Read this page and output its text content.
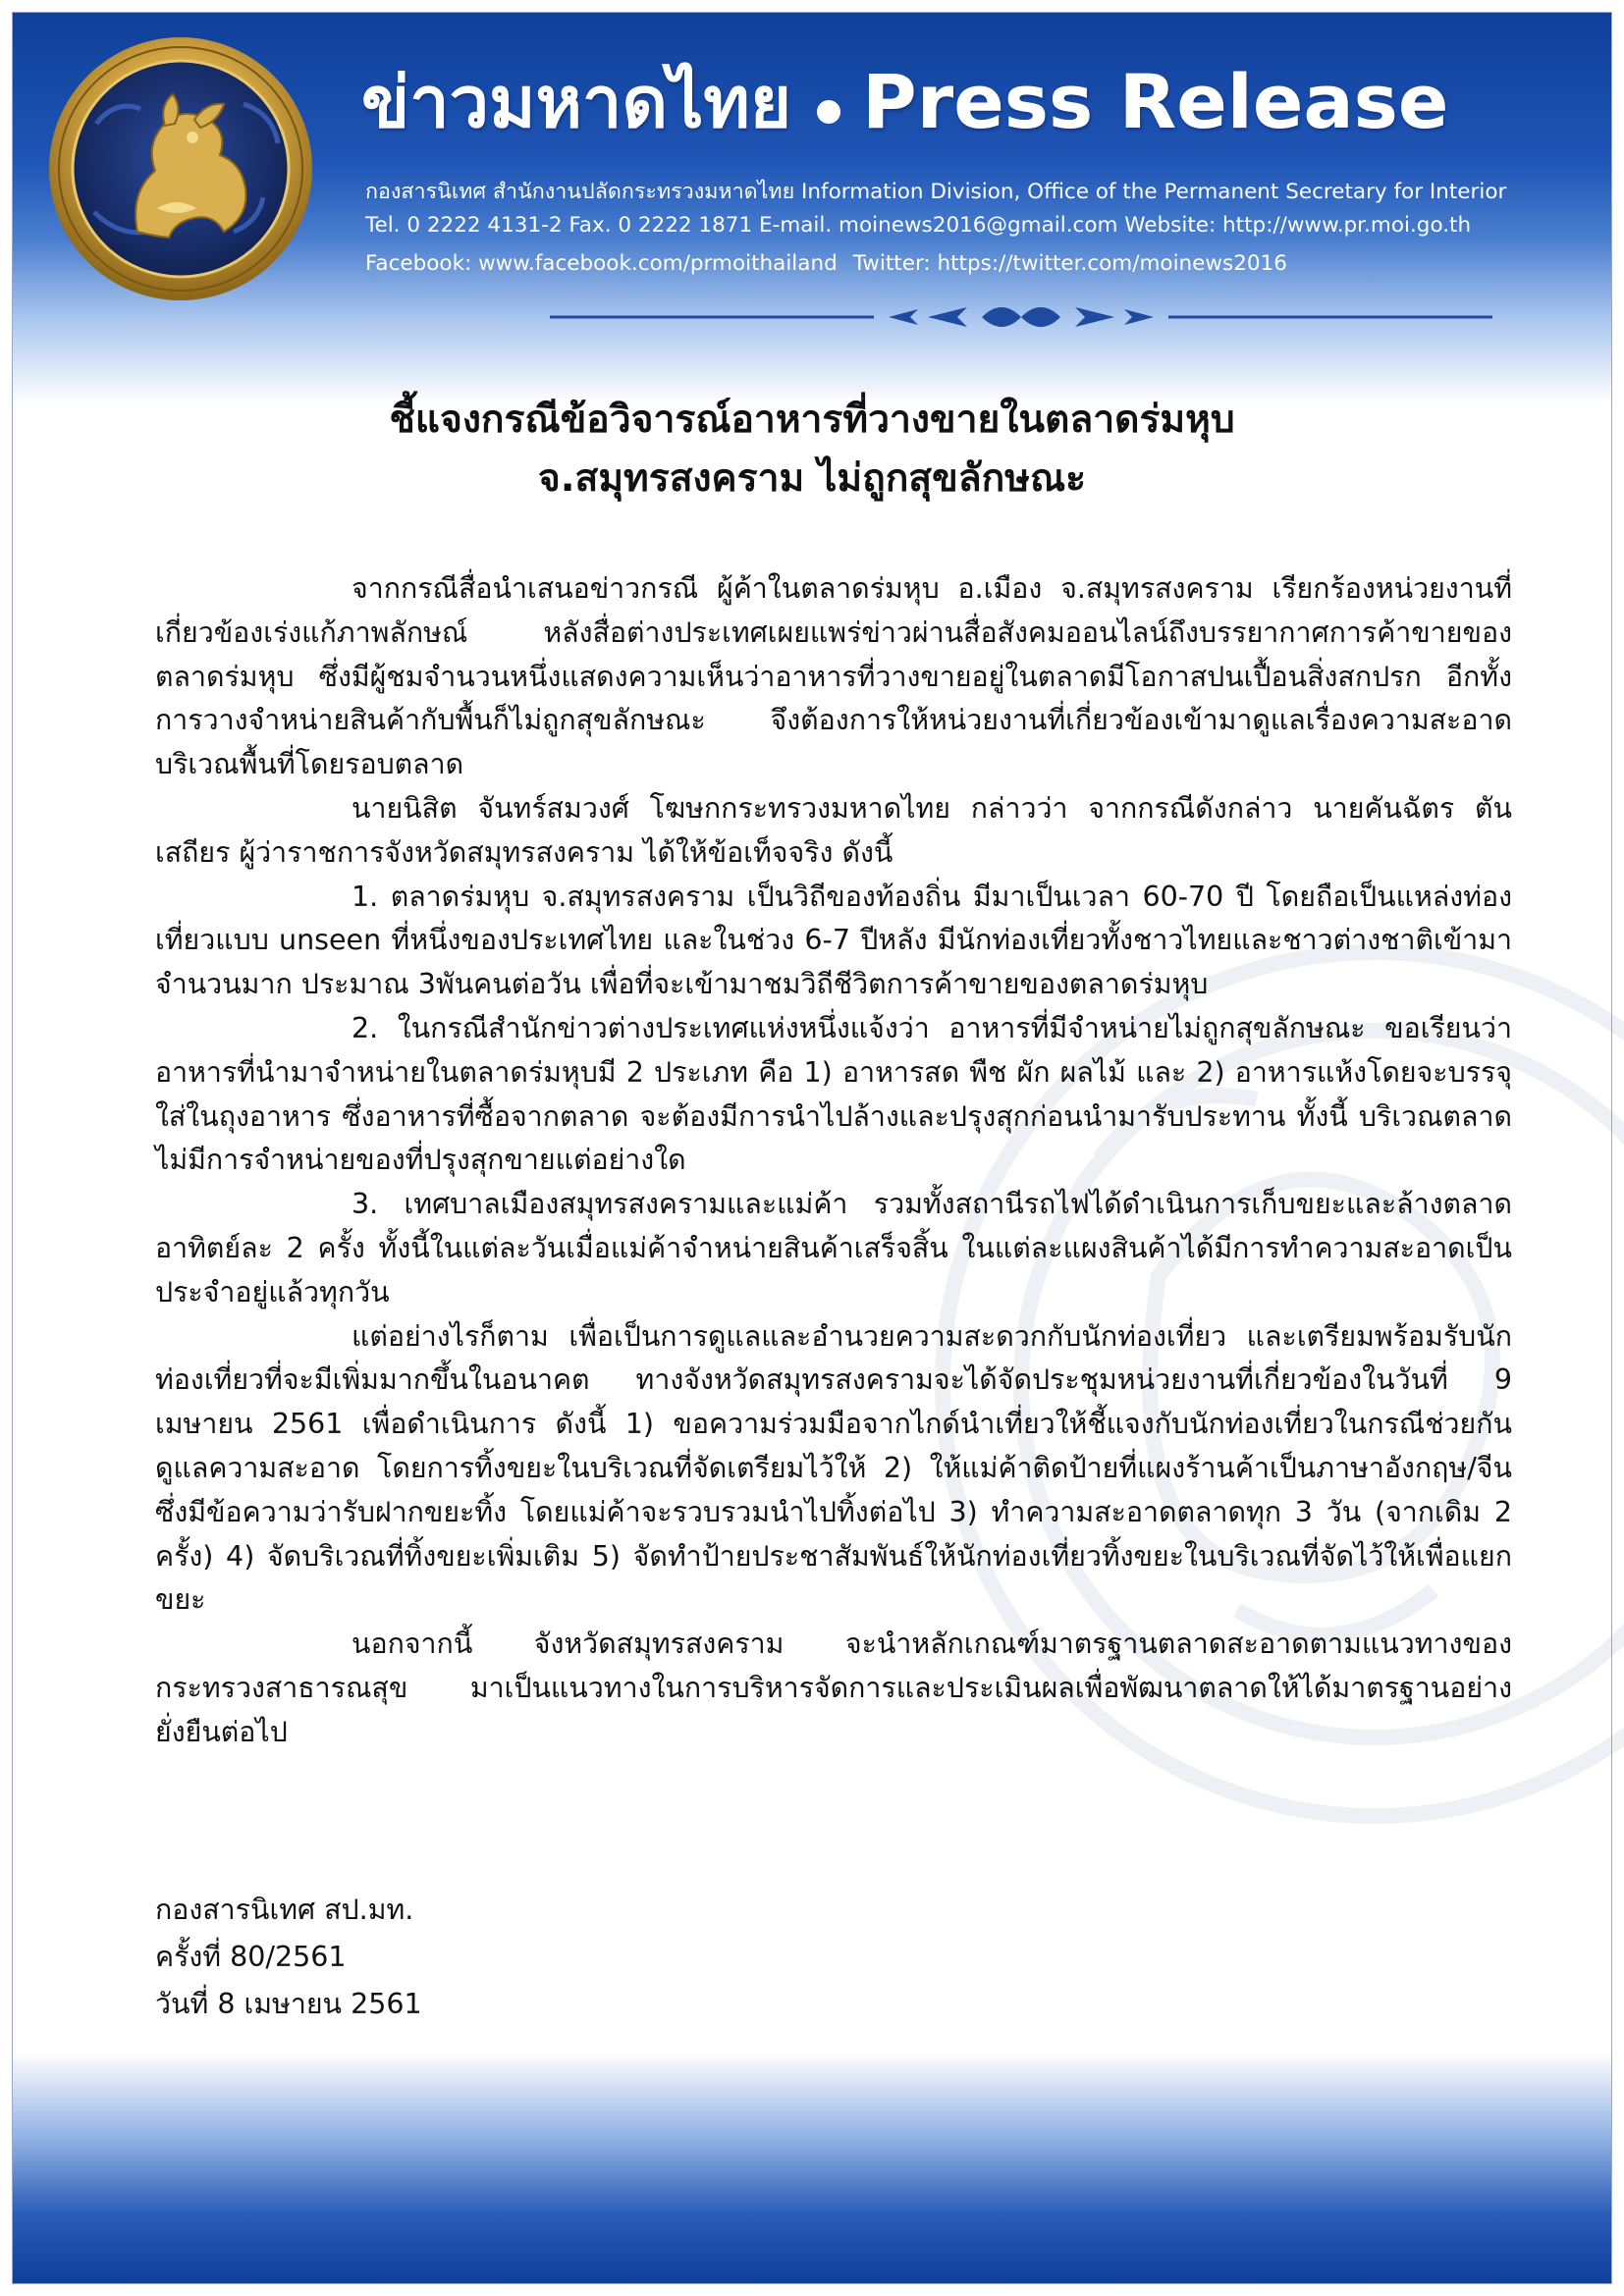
ข่าวมหาดไทย Press Release
กองสารนิเทศ สำนักงานปลัดกระทรวงมหาดไทย Information Division, Office of the Permanent Secretary for Interior
Tel. 0 2222 4131-2 Fax. 0 2222 1871 E-mail. moinews2016@gmail.com Website: http://www.pr.moi.go.th
Facebook: www.facebook.com/prmoithailand Twitter: https://twitter.com/moinews2016
ชี้แจงกรณีข้อวิจารณ์อาหารที่วางขายในตลาดร่มหุบ
จ.สมุทรสงคราม ไม่ถูกสุขลักษณะ

จากกรณีสื่อนำเสนอข่าวกรณี ผู้ค้าในตลาดร่มหุบ อ.เมือง จ.สมุทรสงคราม เรียกร้องหน่วยงานที่เกี่ยวข้องเร่งแก้ภาพลักษณ์ หลังสื่อต่างประเทศเผยแพร่ข่าวผ่านสื่อสังคมออนไลน์ถึงบรรยากาศการค้าขายของตลาดร่มหุบ ซึ่งมีผู้ชมจำนวนหนึ่งแสดงความเห็นว่าอาหารที่วางขายอยู่ในตลาดมีโอกาสปนเปื้อนสิ่งสกปรก อีกทั้งการวางจำหน่ายสินค้ากับพื้นก็ไม่ถูกสุขลักษณะ จึงต้องการให้หน่วยงานที่เกี่ยวข้องเข้ามาดูแลเรื่องความสะอาดบริเวณพื้นที่โดยรอบตลาด

นายนิสิต จันทร์สมวงศ์ โฆษกกระทรวงมหาดไทย กล่าวว่า จากกรณีดังกล่าว นายคันฉัตร ตันเสถียร ผู้ว่าราชการจังหวัดสมุทรสงคราม ได้ให้ข้อเท็จจริง ดังนี้

1. ตลาดร่มหุบ จ.สมุทรสงคราม เป็นวิถีของท้องถิ่น มีมาเป็นเวลา 60-70 ปี โดยถือเป็นแหล่งท่องเที่ยวแบบ unseen ที่หนึ่งของประเทศไทย และในช่วง 6-7 ปีหลัง มีนักท่องเที่ยวทั้งชาวไทยและชาวต่างชาติเข้ามาจำนวนมาก ประมาณ 3พันคนต่อวัน เพื่อที่จะเข้ามาชมวิถีชีวิตการค้าขายของตลาดร่มหุบ

2. ในกรณีสำนักข่าวต่างประเทศแห่งหนึ่งแจ้งว่า อาหารที่มีจำหน่ายไม่ถูกสุขลักษณะ ขอเรียนว่าอาหารที่นำมาจำหน่ายในตลาดร่มหุบมี 2 ประเภท คือ 1) อาหารสด พืช ผัก ผลไม้ และ 2) อาหารแห้งโดยจะบรรจุใส่ในถุงอาหาร ซึ่งอาหารที่ซื้อจากตลาด จะต้องมีการนำไปล้างและปรุงสุกก่อนนำมารับประทาน ทั้งนี้ บริเวณตลาดไม่มีการจำหน่ายของที่ปรุงสุกขายแต่อย่างใด

3. เทศบาลเมืองสมุทรสงครามและแม่ค้า รวมทั้งสถานีรถไฟได้ดำเนินการเก็บขยะและล้างตลาดอาทิตย์ละ 2 ครั้ง ทั้งนี้ในแต่ละวันเมื่อแม่ค้าจำหน่ายสินค้าเสร็จสิ้น ในแต่ละแผงสินค้าได้มีการทำความสะอาดเป็นประจำอยู่แล้วทุกวัน

แต่อย่างไรก็ตาม เพื่อเป็นการดูแลและอำนวยความสะดวกกับนักท่องเที่ยว และเตรียมพร้อมรับนักท่องเที่ยวที่จะมีเพิ่มมากขึ้นในอนาคต ทางจังหวัดสมุทรสงครามจะได้จัดประชุมหน่วยงานที่เกี่ยวข้องในวันที่ 9 เมษายน 2561 เพื่อดำเนินการ ดังนี้ 1) ขอความร่วมมือจากไกด์นำเที่ยวให้ชี้แจงกับนักท่องเที่ยวในกรณีช่วยกันดูแลความสะอาด โดยการทิ้งขยะในบริเวณที่จัดเตรียมไว้ให้ 2) ให้แม่ค้าติดป้ายที่แผงร้านค้าเป็นภาษาอังกฤษ/จีน ซึ่งมีข้อความว่ารับฝากขยะทิ้ง โดยแม่ค้าจะรวบรวมนำไปทิ้งต่อไป 3) ทำความสะอาดตลาดทุก 3 วัน (จากเดิม 2 ครั้ง) 4) จัดบริเวณที่ทิ้งขยะเพิ่มเติม 5) จัดทำป้ายประชาสัมพันธ์ให้นักท่องเที่ยวทิ้งขยะในบริเวณที่จัดไว้ให้เพื่อแยกขยะ

นอกจากนี้ จังหวัดสมุทรสงคราม จะนำหลักเกณฑ์มาตรฐานตลาดสะอาดตามแนวทางของกระทรวงสาธารณสุข มาเป็นแนวทางในการบริหารจัดการและประเมินผลเพื่อพัฒนาตลาดให้ได้มาตรฐานอย่างยั่งยืนต่อไป

กองสารนิเทศ สป.มท.
ครั้งที่ 80/2561
วันที่ 8 เมษายน 2561
